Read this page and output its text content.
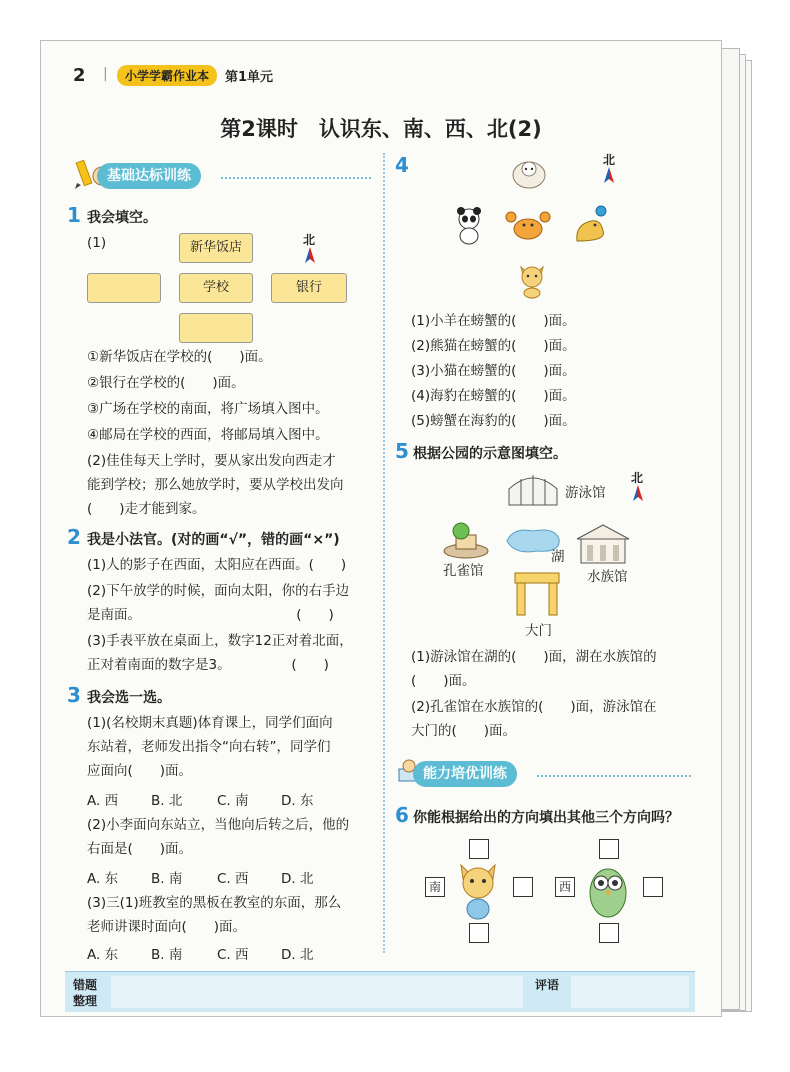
2 |	小学学霸作业本	第1单元
第2课时　认识东、南、西、北(2)
基础达标训练
1 我会填空。
(1)	新华饭店
学校	银行
北
①新华饭店在学校的(　　)面。
②银行在学校的(　　)面。
③广场在学校的南面，将广场填入图中。
④邮局在学校的西面，将邮局填入图中。
(2)佳佳每天上学时，要从家出发向西走才
能到学校；那么她放学时，要从学校出发向
(　　)走才能到家。
2 我是小法官。(对的画“√”，错的画“×”)
(1)人的影子在西面，太阳应在西面。(　　)
(2)下午放学的时候，面向太阳，你的右手边
是南面。　　　　　　　　　　　　(　　)
(3)手表平放在桌面上，数字12正对着北面，
正对着南面的数字是3。　　　　　(　　)
3 我会选一选。
(1)(名校期末真题)体育课上，同学们面向
东站着，老师发出指令“向右转”，同学们
应面向(　　)面。
A. 西 B. 北	C. 南 D. 东
(2)小李面向东站立，当他向后转之后，他的
右面是(　　)面。
A. 东 B. 南	C. 西 D. 北
(3)三(1)班教室的黑板在教室的东面，那么
老师讲课时面向(　　)面。
A. 东 B. 南	C. 西 D. 北
4	北
(1)小羊在螃蟹的(　　)面。
(2)熊猫在螃蟹的(　　)面。
(3)小猫在螃蟹的(　　)面。
(4)海豹在螃蟹的(　　)面。
(5)螃蟹在海豹的(　　)面。
5 根据公园的示意图填空。
北
游泳馆
孔雀馆
湖
水族馆
大门
(1)游泳馆在湖的(　　)面，湖在水族馆的
(　　)面。
(2)孔雀馆在水族馆的(　　)面，游泳馆在
大门的(　　)面。
能力培优训练
6 你能根据给出的方向填出其他三个方向吗？
南	西
错题
整理
评语
